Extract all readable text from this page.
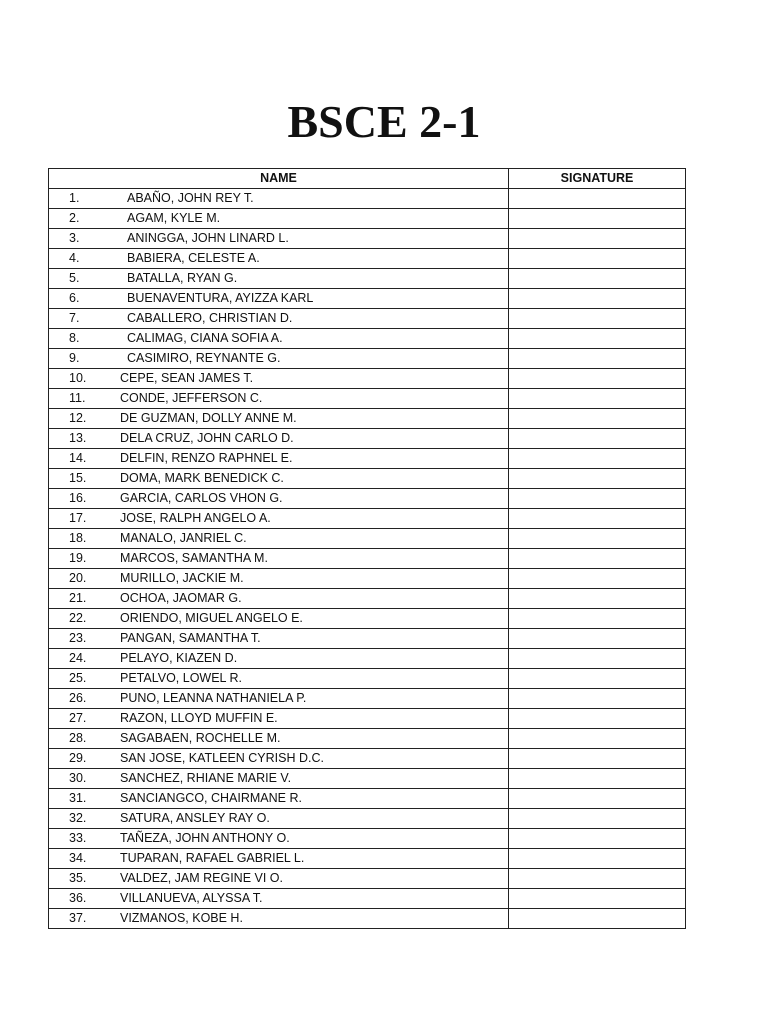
BSCE 2-1
NAME	SIGNATURE
1. ABAÑO, JOHN REY T.	
2. AGAM, KYLE M.	
3. ANINGGA, JOHN LINARD L.	
4. BABIERA, CELESTE A.	
5. BATALLA, RYAN G.	
6. BUENAVENTURA, AYIZZA KARL	
7. CABALLERO, CHRISTIAN D.	
8. CALIMAG, CIANA SOFIA A.	
9. CASIMIRO, REYNANTE G.	
10. CEPE, SEAN JAMES T.	
11. CONDE, JEFFERSON C.	
12. DE GUZMAN, DOLLY ANNE M.	
13. DELA CRUZ, JOHN CARLO D.	
14. DELFIN, RENZO RAPHNEL E.	
15. DOMA, MARK BENEDICK C.	
16. GARCIA, CARLOS VHON G.	
17. JOSE, RALPH ANGELO A.	
18. MANALO, JANRIEL C.	
19. MARCOS, SAMANTHA M.	
20. MURILLO, JACKIE M.	
21. OCHOA, JAOMAR G.	
22. ORIENDO, MIGUEL ANGELO E.	
23. PANGAN, SAMANTHA T.	
24. PELAYO, KIAZEN D.	
25. PETALVO, LOWEL R.	
26. PUNO, LEANNA NATHANIELA P.	
27. RAZON, LLOYD MUFFIN E.	
28. SAGABAEN, ROCHELLE M.	
29. SAN JOSE, KATLEEN CYRISH D.C.	
30. SANCHEZ, RHIANE MARIE V.	
31. SANCIANGCO, CHAIRMANE R.	
32. SATURA, ANSLEY RAY O.	
33. TAÑEZA, JOHN ANTHONY O.	
34. TUPARAN, RAFAEL GABRIEL L.	
35. VALDEZ, JAM REGINE VI O.	
36. VILLANUEVA, ALYSSA T.	
37. VIZMANOS, KOBE H.	
